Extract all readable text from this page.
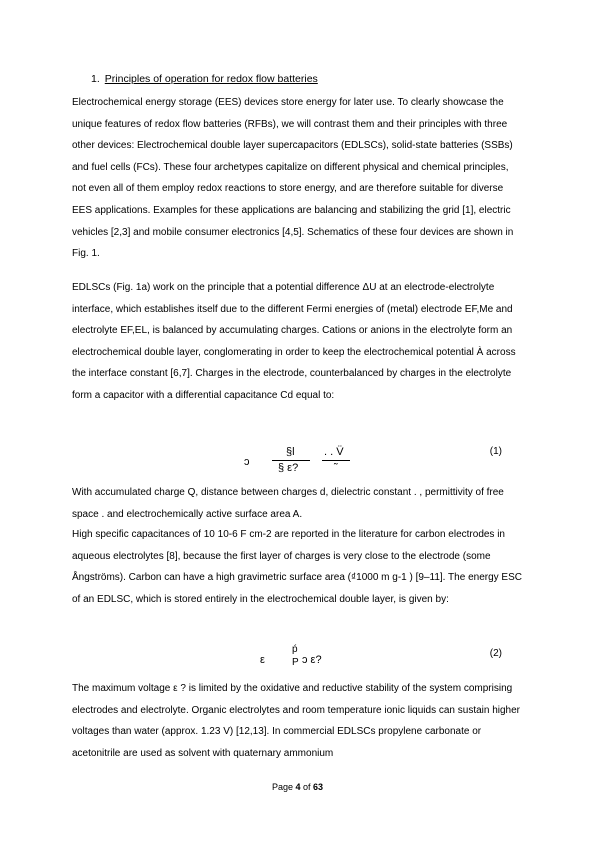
1. Principles of operation for redox flow batteries

Electrochemical energy storage (EES) devices store energy for later use. To clearly showcase the unique features of redox flow batteries (RFBs), we will contrast them and their principles with three other devices: Electrochemical double layer supercapacitors (EDLSCs), solid-state batteries (SSBs) and fuel cells (FCs). These four archetypes capitalize on different physical and chemical principles, not even all of them employ redox reactions to store energy, and are therefore suitable for diverse EES applications. Examples for these applications are balancing and stabilizing the grid [1], electric vehicles [2,3] and mobile consumer electronics [4,5]. Schematics of these four devices are shown in Fig. 1.

EDLSCs (Fig. 1a) work on the principle that a potential difference ΔU at an electrode-electrolyte interface, which establishes itself due to the different Fermi energies of (metal) electrode EF,Me and electrolyte EF,EL, is balanced by accumulating charges. Cations or anions in the electrolyte form an electrochemical double layer, conglomerating in order to keep the electrochemical potential À across the interface constant [6,7]. Charges in the electrode, counterbalanced by charges in the electrolyte form a capacitor with a differential capacitance Cd equal to:

ↄ
§l
§ ε?
. . V̈
˜
(1)

With accumulated charge Q, distance between charges d, dielectric constant . , permittivity of free space . and electrochemically active surface area A.

High specific capacitances of 10 10-6 F cm-2 are reported in the literature for carbon electrodes in aqueous electrolytes [8], because the first layer of charges is very close to the electrode (some Ångströms). Carbon can have a high gravimetric surface area (₫1000 m g-1 ) [9–11]. The energy ESC of an EDLSC, which is stored entirely in the electrochemical double layer, is given by:

ε
ṕ
P ↄ ε?
(2)

The maximum voltage ε ? is limited by the oxidative and reductive stability of the system comprising electrodes and electrolyte. Organic electrolytes and room temperature ionic liquids can sustain higher voltages than water (approx. 1.23 V) [12,13]. In commercial EDLSCs propylene carbonate or acetonitrile are used as solvent with quaternary ammonium

Page 4 of 63
